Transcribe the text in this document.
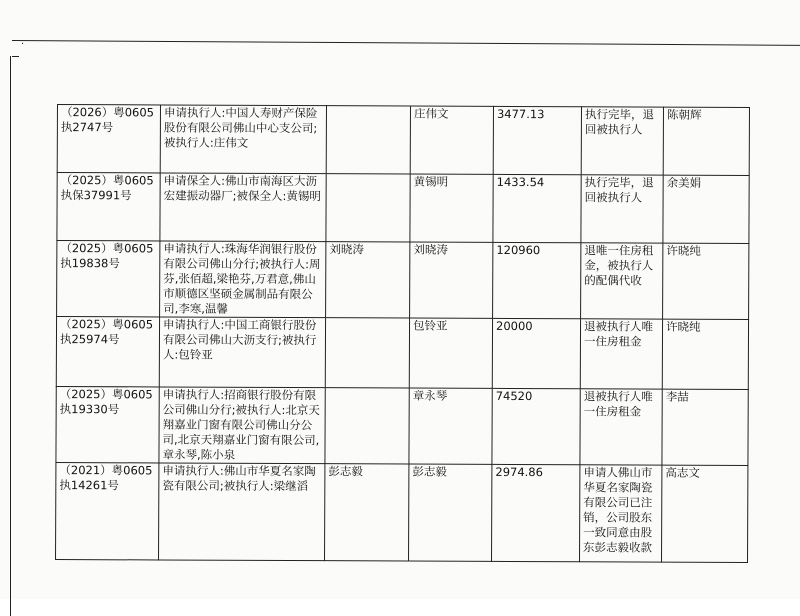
·
（2026）粤0605执2747号	申请执行人:中国人寿财产保险股份有限公司佛山中心支公司;被执行人:庄伟文		庄伟文	3477.13	执行完毕，退回被执行人	陈朝辉
（2025）粤0605执保37991号	申请保全人:佛山市南海区大沥宏建振动器厂;被保全人:黄锡明		黄锡明	1433.54	执行完毕，退回被执行人	余美娟
（2025）粤0605执19838号	申请执行人:珠海华润银行股份有限公司佛山分行;被执行人:周芬,张佰超,梁艳芬,万君意,佛山市顺德区坚硕金属制品有限公司,李寒,温馨	刘晓涛	刘晓涛	120960	退唯一住房租金，被执行人的配偶代收	许晓纯
（2025）粤0605执25974号	申请执行人:中国工商银行股份有限公司佛山大沥支行;被执行人:包铃亚		包铃亚	20000	退被执行人唯一住房租金	许晓纯
（2025）粤0605执19330号	申请执行人:招商银行股份有限公司佛山分行;被执行人:北京天翔嘉业门窗有限公司佛山分公司,北京天翔嘉业门窗有限公司,章永琴,陈小泉		章永琴	74520	退被执行人唯一住房租金	李喆
（2021）粤0605执14261号	申请执行人:佛山市华夏名家陶瓷有限公司;被执行人:梁继滔	彭志毅	彭志毅	2974.86	申请人佛山市华夏名家陶瓷有限公司已注销，公司股东一致同意由股东彭志毅收款	高志文
